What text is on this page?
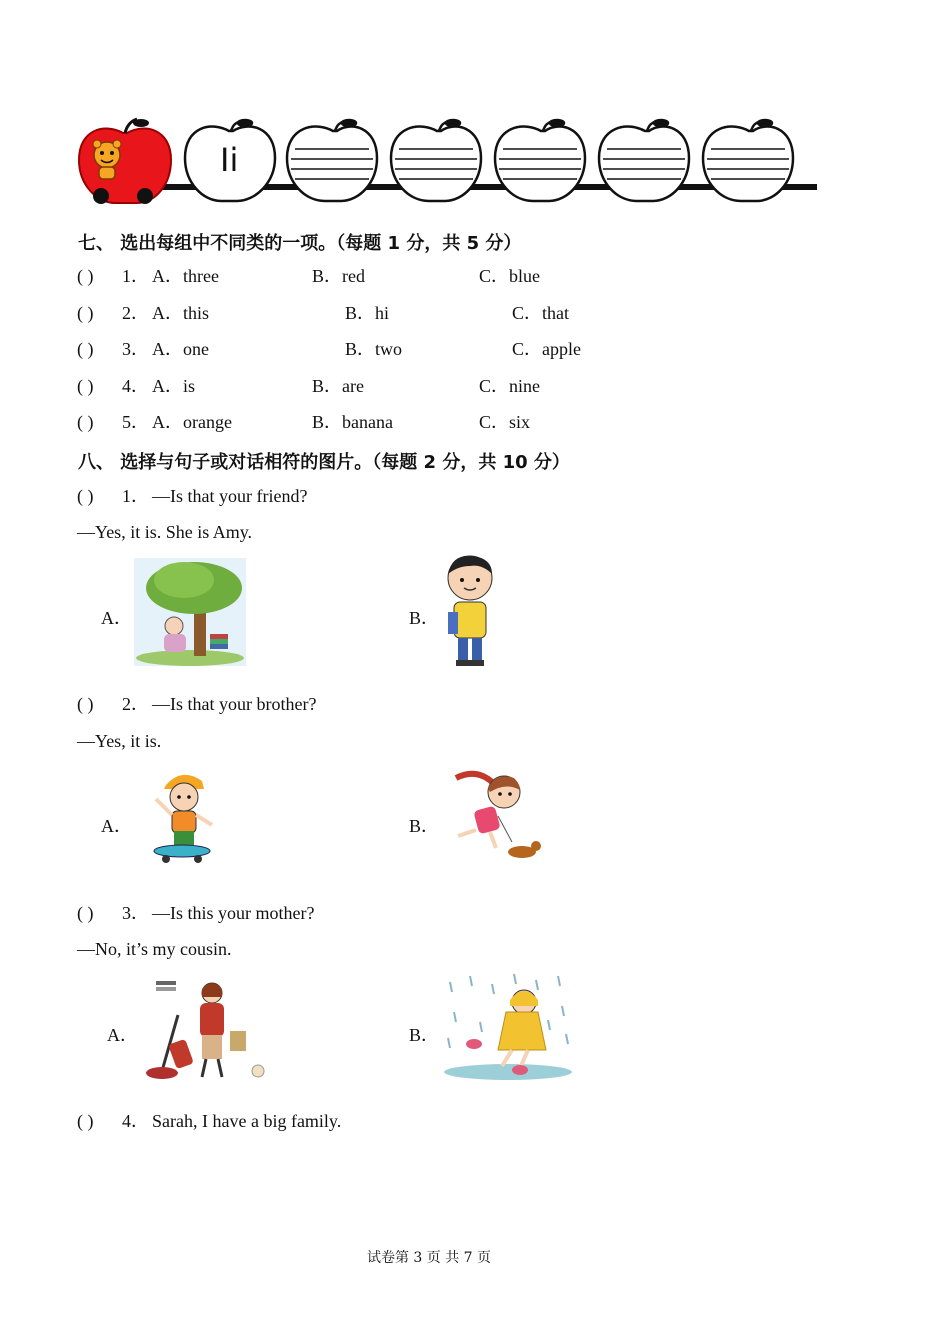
Ii
七、 选出每组中不同类的一项。（每题 1 分，共 5 分）
( ) 1． A．three	B．red	C．blue
( ) 2． A．this	B．hi	C．that
( ) 3． A．one	B．two	C．apple
( ) 4． A．is	B．are	C．nine
( ) 5． A．orange	B．banana	C．six
八、 选择与句子或对话相符的图片。（每题 2 分，共 10 分）
( ) 1． —Is that your friend?
—Yes, it is. She is Amy.
A．	B．
( ) 2． —Is that your brother?
—Yes, it is.
A．	B．
( ) 3． —Is this your mother?
—No, it’s my cousin.
A．	B．
( ) 4． Sarah, I have a big family.
试卷第 3 页 共 7 页
